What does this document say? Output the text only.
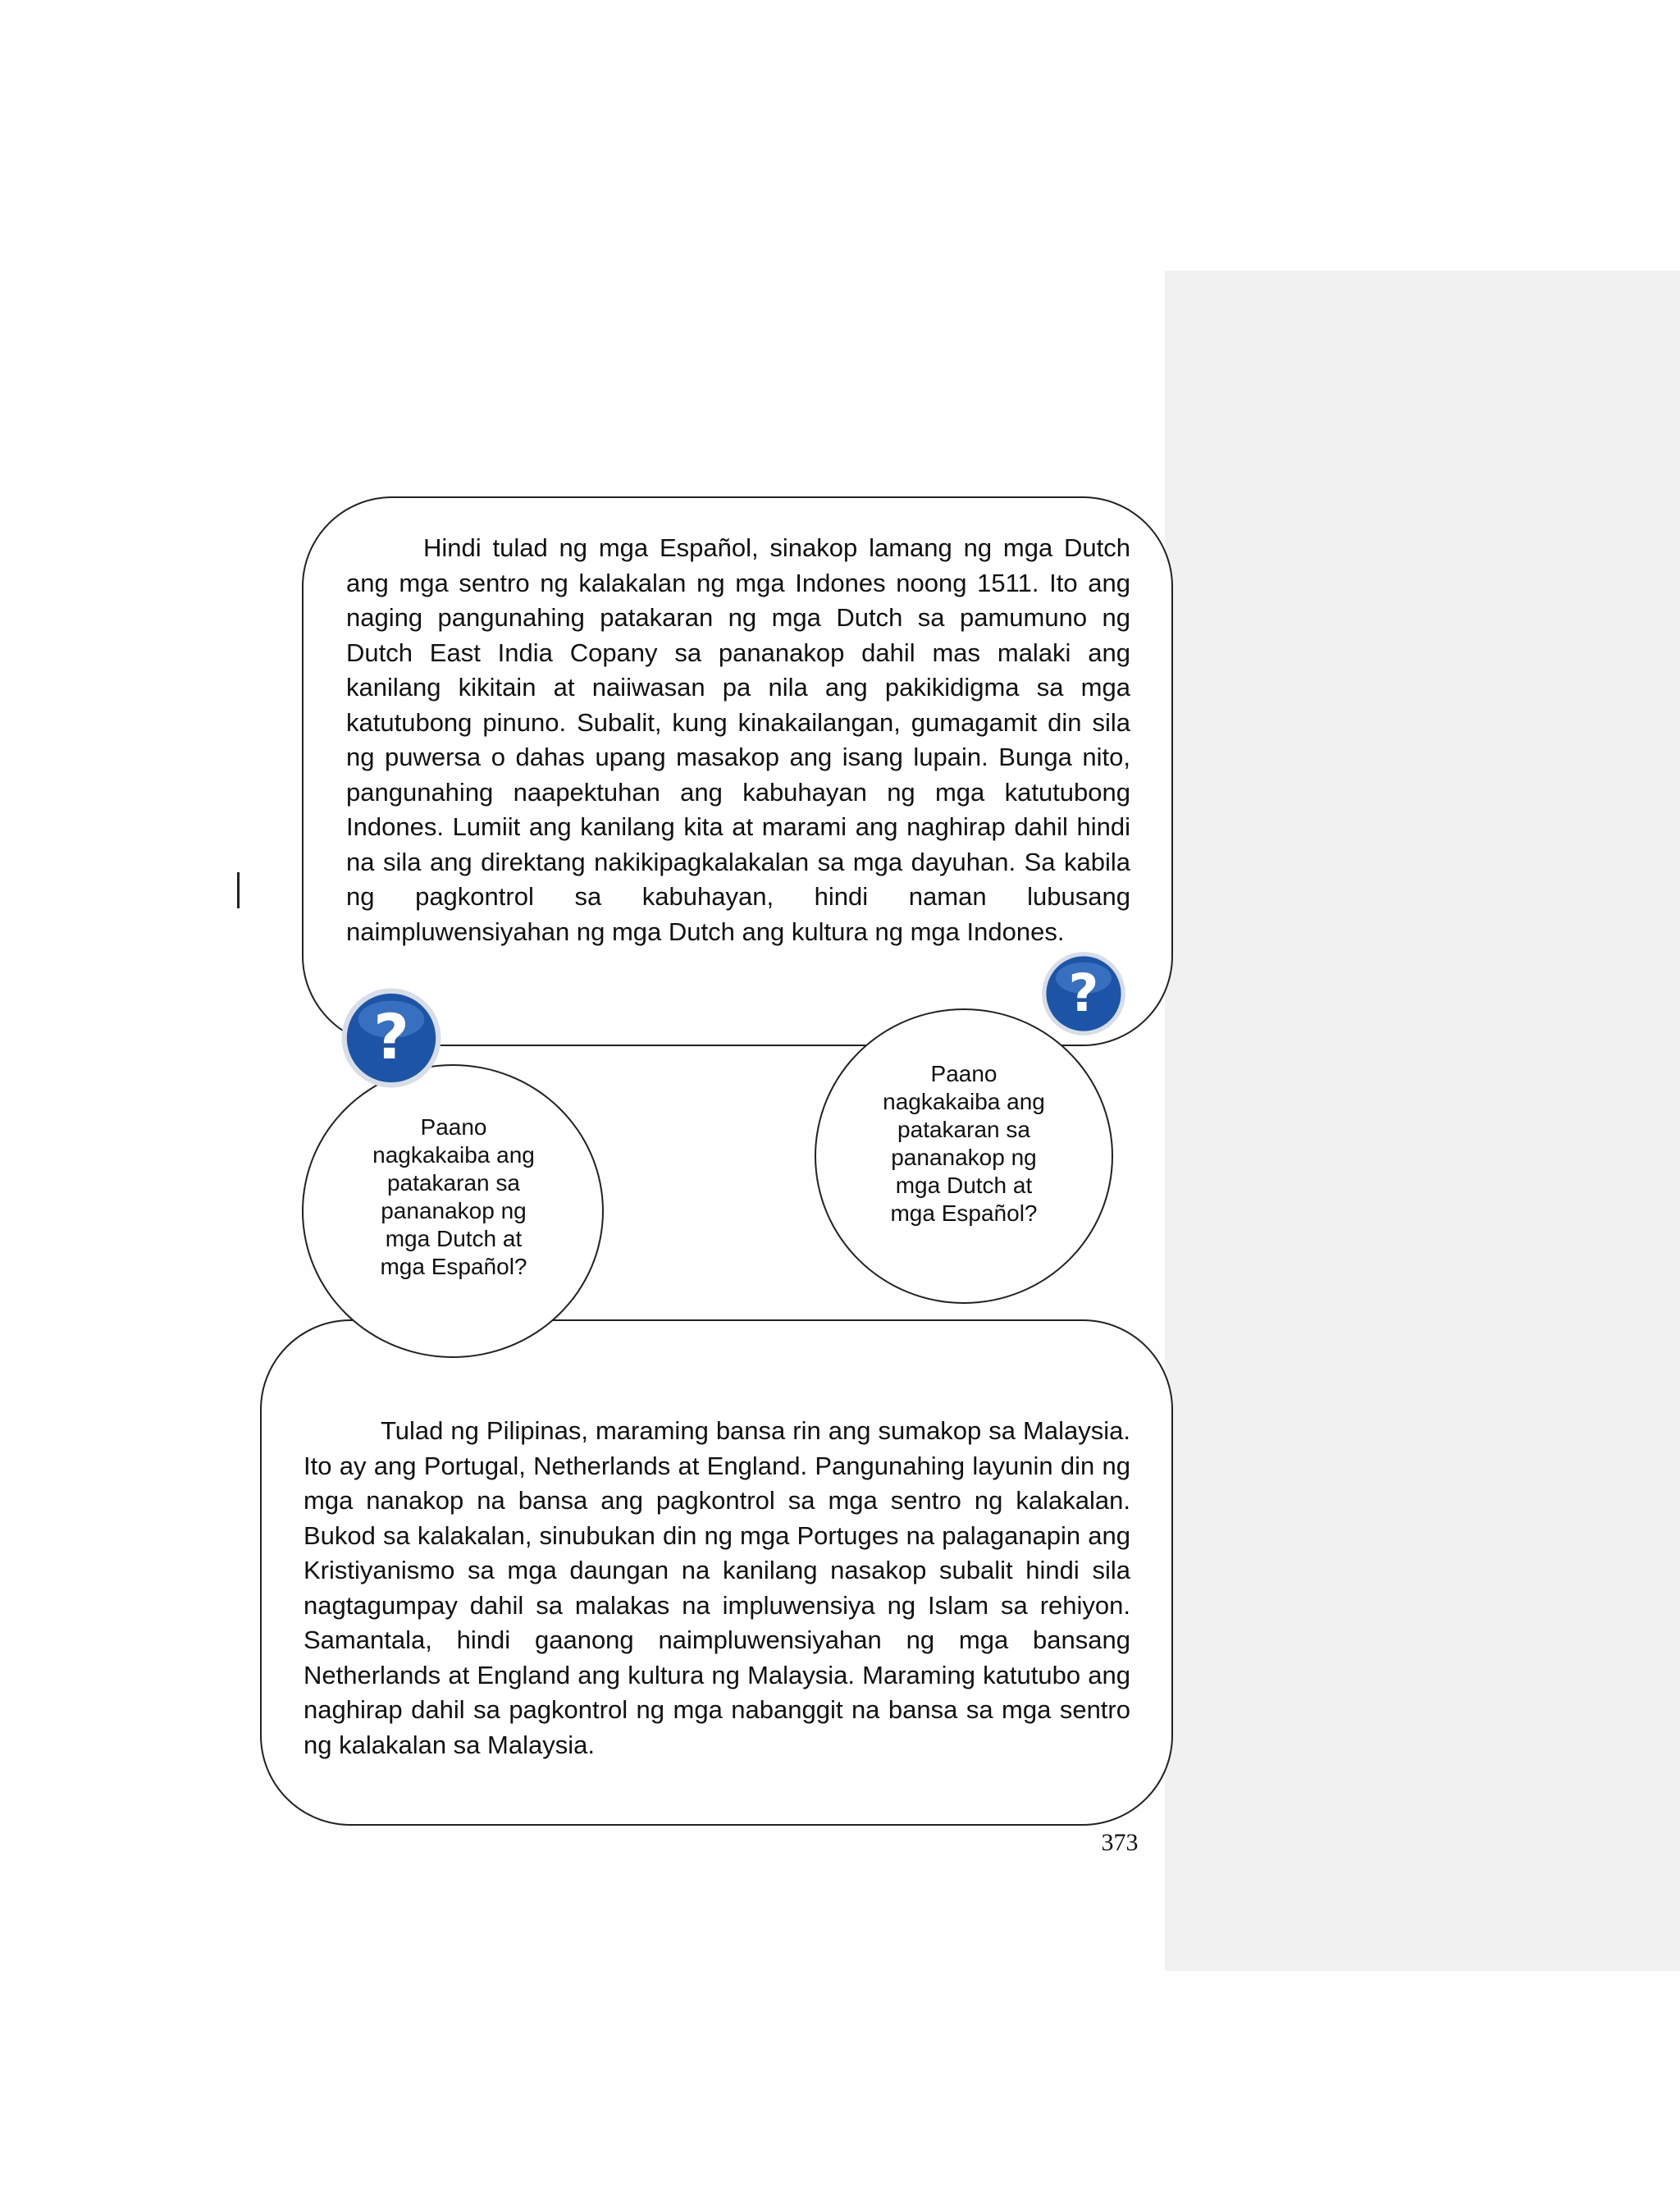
Hindi tulad ng mga Español, sinakop lamang ng mga Dutch ang mga sentro ng kalakalan ng mga Indones noong 1511. Ito ang naging pangunahing patakaran ng mga Dutch sa pamumuno ng Dutch East India Copany sa pananakop dahil mas malaki ang kanilang kikitain at naiiwasan pa nila ang pakikidigma sa mga katutubong pinuno. Subalit, kung kinakailangan, gumagamit din sila ng puwersa o dahas upang masakop ang isang lupain. Bunga nito, pangunahing naapektuhan ang kabuhayan ng mga katutubong Indones. Lumiit ang kanilang kita at marami ang naghirap dahil hindi na sila ang direktang nakikipagkalakalan sa mga dayuhan. Sa kabila ng pagkontrol sa kabuhayan, hindi naman lubusang naimpluwensiyahan ng mga Dutch ang kultura ng mga Indones.

Tulad ng Pilipinas, maraming bansa rin ang sumakop sa Malaysia. Ito ay ang Portugal, Netherlands at England. Pangunahing layunin din ng mga nanakop na bansa ang pagkontrol sa mga sentro ng kalakalan. Bukod sa kalakalan, sinubukan din ng mga Portuges na palaganapin ang Kristiyanismo sa mga daungan na kanilang nasakop subalit hindi sila nagtagumpay dahil sa malakas na impluwensiya ng Islam sa rehiyon. Samantala, hindi gaanong naimpluwensiyahan ng mga bansang Netherlands at England ang kultura ng Malaysia. Maraming katutubo ang naghirap dahil sa pagkontrol ng mga nabanggit na bansa sa mga sentro ng kalakalan sa Malaysia.

Paano nagkakaiba ang patakaran sa pananakop ng mga Dutch at mga Español?

Paano nagkakaiba ang patakaran sa pananakop ng mga Dutch at mga Español?

?
?
373
